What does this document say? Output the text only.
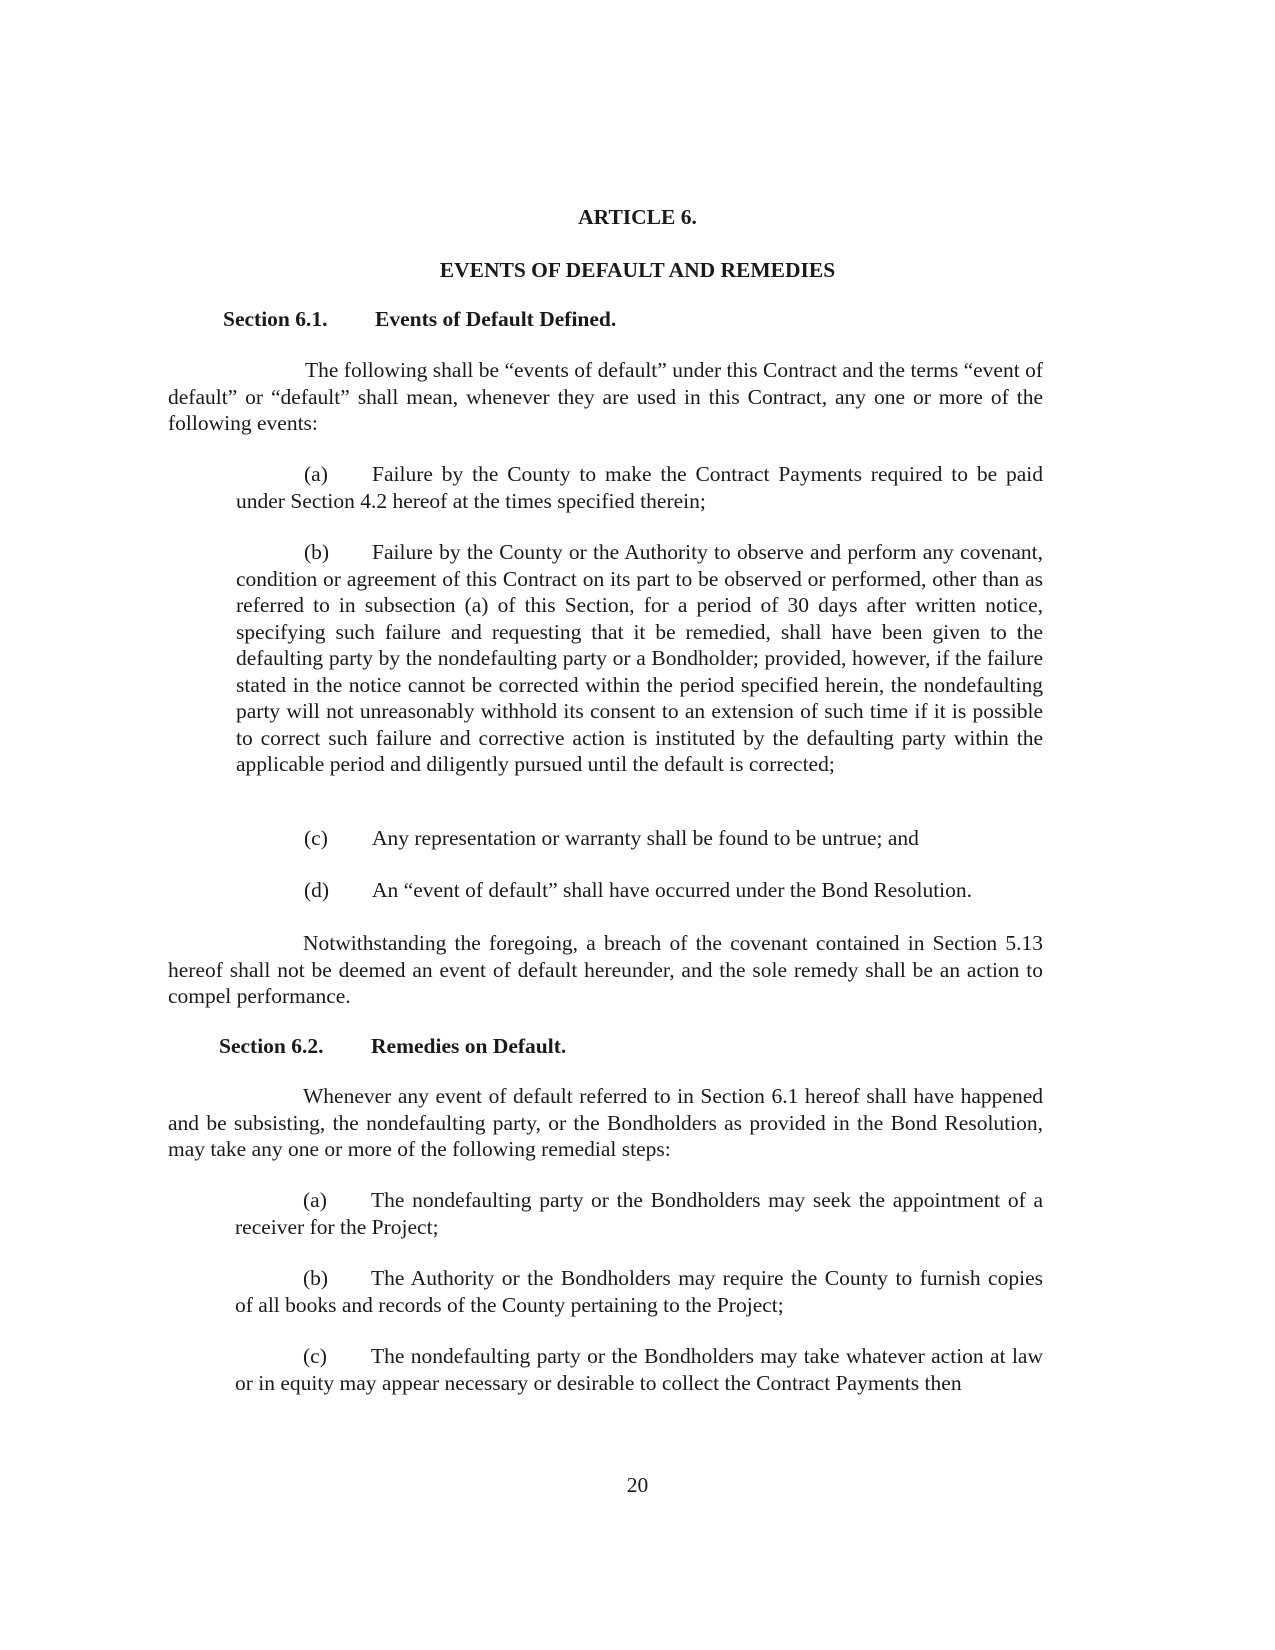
ARTICLE 6.
EVENTS OF DEFAULT AND REMEDIES
Section 6.1. Events of Default Defined.
The following shall be “events of default” under this Contract and the terms “event of default” or “default” shall mean, whenever they are used in this Contract, any one or more of the following events:
(a) Failure by the County to make the Contract Payments required to be paid under Section 4.2 hereof at the times specified therein;
(b) Failure by the County or the Authority to observe and perform any covenant, condition or agreement of this Contract on its part to be observed or performed, other than as referred to in subsection (a) of this Section, for a period of 30 days after written notice, specifying such failure and requesting that it be remedied, shall have been given to the defaulting party by the nondefaulting party or a Bondholder; provided, however, if the failure stated in the notice cannot be corrected within the period specified herein, the nondefaulting party will not unreasonably withhold its consent to an extension of such time if it is possible to correct such failure and corrective action is instituted by the defaulting party within the applicable period and diligently pursued until the default is corrected;
(c) Any representation or warranty shall be found to be untrue; and
(d) An “event of default” shall have occurred under the Bond Resolution.
Notwithstanding the foregoing, a breach of the covenant contained in Section 5.13 hereof shall not be deemed an event of default hereunder, and the sole remedy shall be an action to compel performance.
Section 6.2. Remedies on Default.
Whenever any event of default referred to in Section 6.1 hereof shall have happened and be subsisting, the nondefaulting party, or the Bondholders as provided in the Bond Resolution, may take any one or more of the following remedial steps:
(a) The nondefaulting party or the Bondholders may seek the appointment of a receiver for the Project;
(b) The Authority or the Bondholders may require the County to furnish copies of all books and records of the County pertaining to the Project;
(c) The nondefaulting party or the Bondholders may take whatever action at law or in equity may appear necessary or desirable to collect the Contract Payments then
20
